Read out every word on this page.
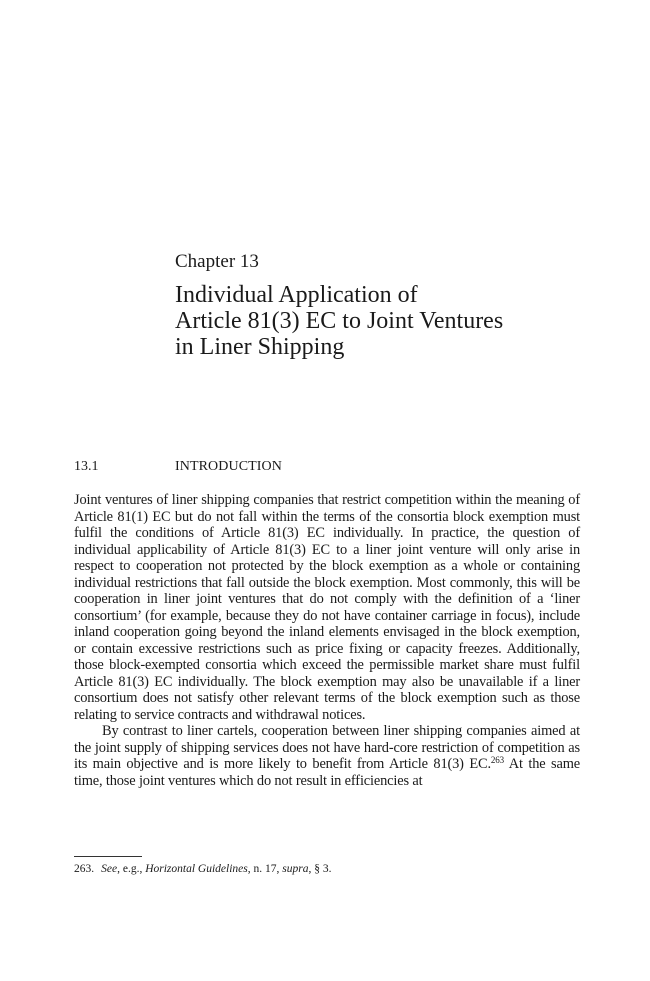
Chapter 13
Individual Application of
Article 81(3) EC to Joint Ventures
in Liner Shipping
13.1	INTRODUCTION

Joint ventures of liner shipping companies that restrict competition within the meaning of Article 81(1) EC but do not fall within the terms of the consortia block exemption must fulfil the conditions of Article 81(3) EC individually. In practice, the question of individual applicability of Article 81(3) EC to a liner joint venture will only arise in respect to cooperation not protected by the block exemption as a whole or containing individual restrictions that fall outside the block exemption. Most commonly, this will be cooperation in liner joint ventures that do not comply with the definition of a ‘liner consortium’ (for example, because they do not have container carriage in focus), include inland cooperation going beyond the inland elements envisaged in the block exemption, or contain excessive restrictions such as price fixing or capacity freezes. Additionally, those block-exempted consortia which exceed the permissible market share must fulfil Article 81(3) EC individually. The block exemption may also be unavailable if a liner consortium does not satisfy other relevant terms of the block exemption such as those relating to service contracts and withdrawal notices.

By contrast to liner cartels, cooperation between liner shipping companies aimed at the joint supply of shipping services does not have hard-core restriction of competition as its main objective and is more likely to benefit from Article 81(3) EC.$^{263}$ At the same time, those joint ventures which do not result in efficiencies at

263. See, e.g., Horizontal Guidelines, n. 17, supra, § 3.
